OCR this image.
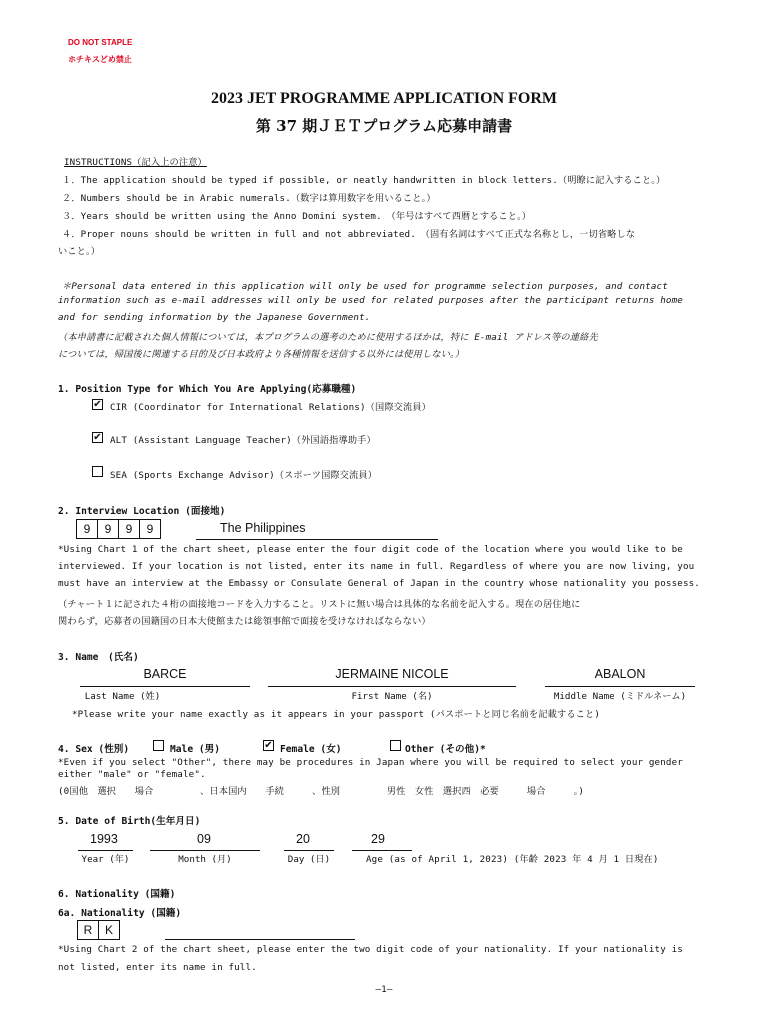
DO NOT STAPLE
ホチキスどめ禁止
2023 JET PROGRAMME APPLICATION FORM
第 37 期ＪＥＴプログラム応募申請書
INSTRUCTIONS（記入上の注意）
１．The application should be typed if possible, or neatly handwritten in block letters.（明瞭に記入すること。）
２．Numbers should be in Arabic numerals.（数字は算用数字を用いること。）
３．Years should be written using the Anno Domini system.　（年号はすべて西暦とすること。）
４．Proper nouns should be written in full and not abbreviated.　（固有名詞はすべて正式な名称とし，一切省略しな
いこと。）
＊Personal data entered in this application will only be used for programme selection purposes, and contact
information such as e-mail addresses will only be used for related purposes after the participant returns home
and for sending information by the Japanese Government.
（本申請書に記載された個人情報については，本プログラムの選考のために使用するほかは，特に E-mail アドレス等の連絡先
については，帰国後に関連する目的及び日本政府より各種情報を送信する以外には使用しない。）
1. Position Type for Which You Are Applying(応募職種)
✔ CIR (Coordinator for International Relations)（国際交流員）
✔ ALT (Assistant Language Teacher)（外国語指導助手）
SEA (Sports Exchange Advisor)（スポーツ国際交流員）
2. Interview Location (面接地)
9	9	9	9	The Philippines
*Using Chart 1 of the chart sheet, please enter the four digit code of the location where you would like to be
interviewed. If your location is not listed, enter its name in full. Regardless of where you are now living, you
must have an interview at the Embassy or Consulate General of Japan in the country whose nationality you possess.
（チャート１に記された４桁の面接地コードを入力すること。リストに無い場合は具体的な名前を記入する。現在の居住地に
関わらず，応募者の国籍国の日本大使館または総領事館で面接を受けなければならない）
3. Name　(氏名)
BARCE
Last Name (姓)
JERMAINE NICOLE
First Name (名)
ABALON
Middle Name (ミドルネーム)
*Please write your name exactly as it appears in your passport (パスポートと同じ名前を記載すること)
4. Sex (性別)	Male (男)	✔ Female (女)	Other (その他)*
*Even if you select "Other", there may be procedures in Japan where you will be required to select your gender
either "male" or "female".
(0国他　選択　　場合　　　　　、日本国内　　手続　　　、性別　　　　　男性　女性　選択西　必要　　　場合　　　。)
5. Date of Birth(生年月日)
1993
Year (年)
09
Month (月)
20
Day (日)
29
Age (as of April 1, 2023) (年齢 2023 年 4 月 1 日現在)
6. Nationality (国籍)
6a. Nationality (国籍)
R	K
*Using Chart 2 of the chart sheet, please enter the two digit code of your nationality. If your nationality is
not listed, enter its name in full.
—1—
